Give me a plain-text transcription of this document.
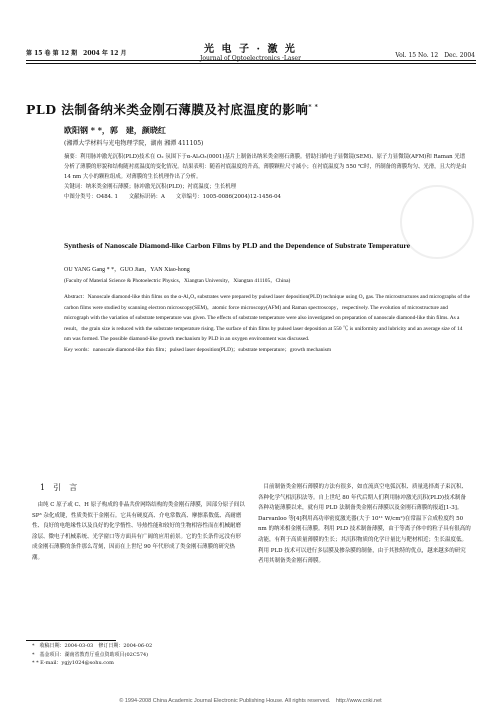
第 15 卷 第 12 期　2004 年 12 月	光 电 子 · 激 光
Journal of Optoelectronics ·Laser	Vol. 15 No. 12　Dec. 2004
PLD 法制备纳米类金刚石薄膜及衬底温度的影响* *
欧阳钢 * *，郭　建，颜晓红
(湘潭大学材料与光电物理学院，湖南 湘潭 411105)

摘要：利用脉冲激光沉积(PLD)技术在 O₂ 氛围下于α-Al₂O₃(0001)基片上制备出纳米类金刚石薄膜。借助扫描电子显微镜(SEM)、原子力显微镜(AFM)和 Raman 光谱分析了薄膜的形貌和结构随衬底温度的变化情况。结果表明：随着衬底温度的升高，薄膜颗粒尺寸减小；在衬底温度为 550 ℃时，所制备的薄膜均匀、光滑，且大约是由 14 nm 大小的颗粒组成。对薄膜的生长机理作出了分析。

关键词：纳米类金刚石薄膜；脉冲激光沉积(PLD)；衬底温度；生长机理

中图分类号：O484. 1　　文献标识码：A　　文章编号：1005-0086(2004)12-1456-04

Synthesis of Nanoscale Diamond-like Carbon Films by PLD and the Dependence of Substrate Temperature
OU YANG Gang * *，GUO Jian，YAN Xiao-hong
(Faculty of Material Science & Photoelectric Physics，Xiangtan University，Xiangtan 411105，China)

Abstract：Nanoscale diamond-like thin films on the α-Al₂O₃ substrates were prepared by pulsed laser deposition(PLD) technique using O₂ gas. The microstructures and micrographs of the carbon films were studied by scanning electron microscopy(SEM)，atomic force microscopy(AFM) and Raman spectroscopy，respectively. The evolution of microstructure and micrograph with the variation of substrate temperature was given. The effects of substrate temperature were also investigated on preparation of nanoscale diamond-like thin films. As a result，the grain size is reduced with the substrate temperature rising. The surface of thin films by pulsed laser deposition at 550 ℃ is uniformity and lubricity and an average size of 14 nm was formed. The possible diamond-like growth mechanism by PLD in an oxygen environment was discussed.

Key words：nanoscale diamond-like thin film；pulsed laser deposition(PLD)；substrate temperature；growth mechanism

1　引　言

由纯 C 原子或 C、H 原子构成的非晶共价网络结构的类金刚石薄膜，因部分原子间以 SP³ 杂化成键，性质类似于金刚石。它具有硬度高、介电常数高、摩擦系数低、高耐磨性、良好的电绝缘性以及良好的化学惰性、导热性能和较好的生物相容性而在机械耐磨涂层、微电子机械系统、光学窗口等方面具有广阔的应用前景。它的生长条件远没有形成金刚石薄膜的条件那么苛刻，因而在上世纪 90 年代形成了类金刚石薄膜的研究热潮。

目前制备类金刚石薄膜的方法有很多，如直流真空电弧沉积、质量选择离子束沉积、各种化学气相沉积法等。自上世纪 80 年代后期人们利用脉冲激光沉积(PLD)技术制备各种功能薄膜以来，就有用 PLD 法制备类金刚石薄膜以及金刚石薄膜的报道[1-3]。Darvanloo 等[4]利用高功率密度激光器(大于 10¹¹ W/cm²)在常温下合成粒度约 50 nm 的纳米相金刚石薄膜。利用 PLD 技术制备薄膜，由于等离子体中的粒子具有很高的动能，有利于高质量薄膜的生长；其沉积物质的化学计量比与靶材相近；生长温度低。利用 PLD 技术可以进行多层膜及掺杂膜的制备，由于其独特的优点，越来越多的研究者用其制备类金刚石薄膜。

*　收稿日期：2004-03-03　修订日期：2004-06-02
*　基金项目：湖南省教育厅重点资助项目(02C574)
* * E-mail：ygjy1024@sohu.com
© 1994-2008 China Academic Journal Electronic Publishing House. All rights reserved.　http://www.cnki.net
